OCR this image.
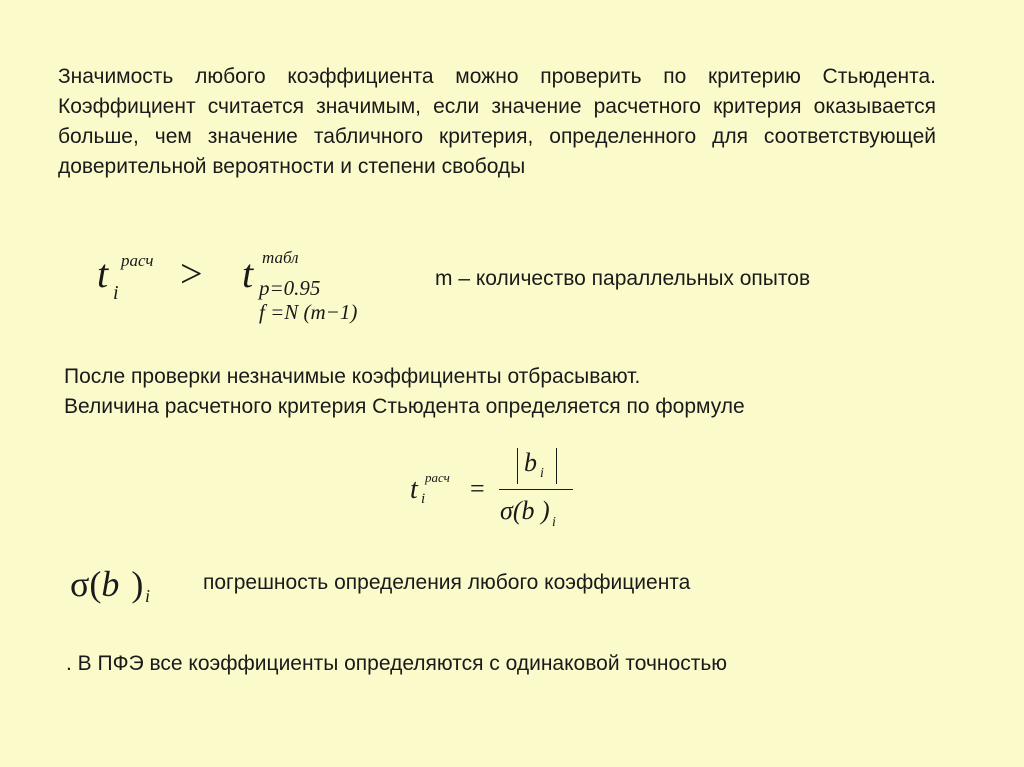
Значимость любого коэффициента можно проверить по критерию Стьюдента. Коэффициент считается значимым, если значение расчетного критерия оказывается больше, чем значение табличного критерия, определенного для соответствующей доверительной вероятности и степени свободы
t расч
i > t табл
p=0.95
f =N (m−1)
m – количество параллельных опытов
После проверки незначимые коэффициенты отбрасывают.
Величина расчетного критерия Стьюдента определяется по формуле
t расч
i =
b i
σ(b ) i
σ(b ) i
погрешность определения любого коэффициента
. В ПФЭ все коэффициенты определяются с одинаковой точностью
